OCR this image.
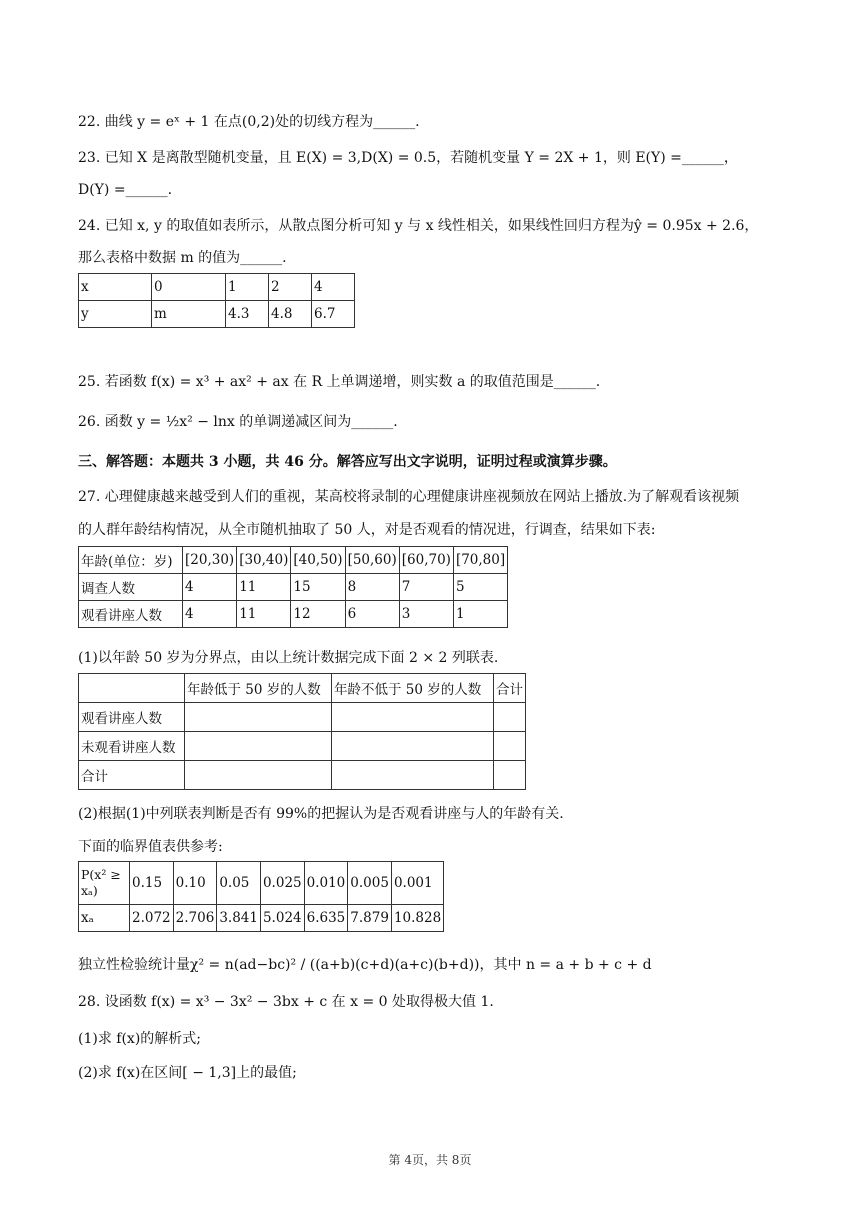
22. 曲线 y = eˣ + 1 在点(0,2)处的切线方程为______.
23. 已知 X 是离散型随机变量，且 E(X) = 3,D(X) = 0.5，若随机变量 Y = 2X + 1，则 E(Y) =______，
D(Y) =______.
24. 已知 x, y 的取值如表所示，从散点图分析可知 y 与 x 线性相关，如果线性回归方程为ŷ = 0.95x + 2.6，
那么表格中数据 m 的值为______.
x	0	1	2	4
y	m	4.3	4.8	6.7
25. 若函数 f(x) = x³ + ax² + ax 在 R 上单调递增，则实数 a 的取值范围是______.
26. 函数 y = ½x² − lnx 的单调递减区间为______.
三、解答题：本题共 3 小题，共 46 分。解答应写出文字说明，证明过程或演算步骤。
27. 心理健康越来越受到人们的重视，某高校将录制的心理健康讲座视频放在网站上播放.为了解观看该视频
的人群年龄结构情况，从全市随机抽取了 50 人，对是否观看的情况进，行调查，结果如下表:
年龄(单位：岁)	[20,30)	[30,40)	[40,50)	[50,60)	[60,70)	[70,80]
调查人数	4	11	15	8	7	5
观看讲座人数	4	11	12	6	3	1
(1)以年龄 50 岁为分界点，由以上统计数据完成下面 2 × 2 列联表.
	年龄低于 50 岁的人数	年龄不低于 50 岁的人数	合计
观看讲座人数			
未观看讲座人数			
合计			
(2)根据(1)中列联表判断是否有 99%的把握认为是否观看讲座与人的年龄有关.
下面的临界值表供参考:
P(x² ≥ xₐ)	0.15	0.10	0.05	0.025	0.010	0.005	0.001
xₐ	2.072	2.706	3.841	5.024	6.635	7.879	10.828
独立性检验统计量χ² = n(ad−bc)² / ((a+b)(c+d)(a+c)(b+d))，其中 n = a + b + c + d
28. 设函数 f(x) = x³ − 3x² − 3bx + c 在 x = 0 处取得极大值 1.
(1)求 f(x)的解析式;
(2)求 f(x)在区间[ − 1,3]上的最值;
第 4页，共 8页
